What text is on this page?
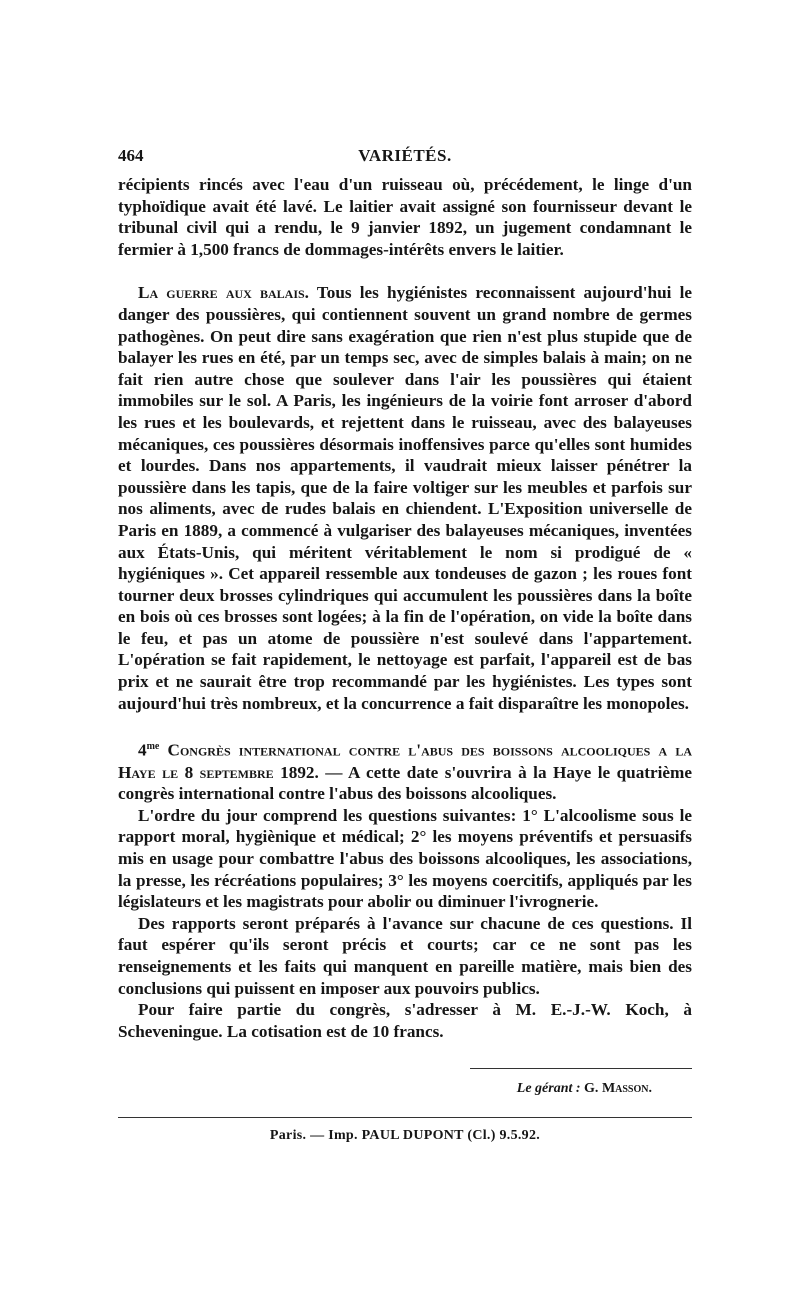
464	VARIÉTÉS.

récipients rincés avec l'eau d'un ruisseau où, précédement, le linge d'un typhoïdique avait été lavé. Le laitier avait assigné son fournisseur devant le tribunal civil qui a rendu, le 9 janvier 1892, un jugement condamnant le fermier à 1,500 francs de dommages-intérêts envers le laitier.

La guerre aux balais. Tous les hygiénistes reconnaissent aujourd'hui le danger des poussières, qui contiennent souvent un grand nombre de germes pathogènes. On peut dire sans exagération que rien n'est plus stupide que de balayer les rues en été, par un temps sec, avec de simples balais à main; on ne fait rien autre chose que soulever dans l'air les poussières qui étaient immobiles sur le sol. A Paris, les ingénieurs de la voirie font arroser d'abord les rues et les boulevards, et rejettent dans le ruisseau, avec des balayeuses mécaniques, ces poussières désormais inoffensives parce qu'elles sont humides et lourdes. Dans nos appartements, il vaudrait mieux laisser pénétrer la poussière dans les tapis, que de la faire voltiger sur les meubles et parfois sur nos aliments, avec de rudes balais en chiendent. L'Exposition universelle de Paris en 1889, a commencé à vulgariser des balayeuses mécaniques, inventées aux États-Unis, qui méritent véritablement le nom si prodigué de « hygiéniques ». Cet appareil ressemble aux tondeuses de gazon ; les roues font tourner deux brosses cylindriques qui accumulent les poussières dans la boîte en bois où ces brosses sont logées; à la fin de l'opération, on vide la boîte dans le feu, et pas un atome de poussière n'est soulevé dans l'appartement. L'opération se fait rapidement, le nettoyage est parfait, l'appareil est de bas prix et ne saurait être trop recommandé par les hygiénistes. Les types sont aujourd'hui très nombreux, et la concurrence a fait disparaître les monopoles.

$4^{me}$ Congrès international contre l'abus des boissons alcooliques a la Haye le 8 septembre 1892. — A cette date s'ouvrira à la Haye le quatrième congrès international contre l'abus des boissons alcooliques.

L'ordre du jour comprend les questions suivantes: 1° L'alcoolisme sous le rapport moral, hygiènique et médical; 2° les moyens préventifs et persuasifs mis en usage pour combattre l'abus des boissons alcooliques, les associations, la presse, les récréations populaires; 3° les moyens coercitifs, appliqués par les législateurs et les magistrats pour abolir ou diminuer l'ivrognerie.

Des rapports seront préparés à l'avance sur chacune de ces questions. Il faut espérer qu'ils seront précis et courts; car ce ne sont pas les renseignements et les faits qui manquent en pareille matière, mais bien des conclusions qui puissent en imposer aux pouvoirs publics.

Pour faire partie du congrès, s'adresser à M. E.-J.-W. Koch, à Scheveningue. La cotisation est de 10 francs.

Le gérant : G. Masson.
Paris. — Imp. PAUL DUPONT (Cl.) 9.5.92.
